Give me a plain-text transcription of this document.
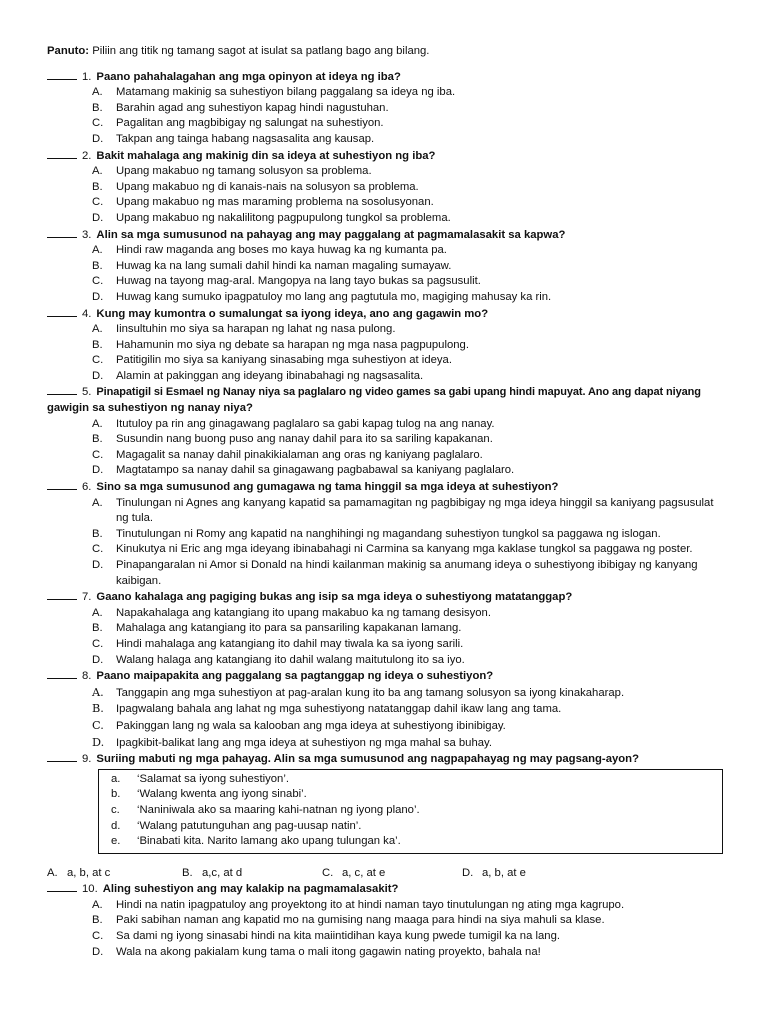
Panuto: Piliin ang titik ng tamang sagot at isulat sa patlang bago ang bilang.
1. Paano pahahalagahan ang mga opinyon at ideya ng iba?
A.	Matamang makinig sa suhestiyon bilang paggalang sa ideya ng iba.
B.	Barahin agad ang suhestiyon kapag hindi nagustuhan.
C.	Pagalitan ang magbibigay ng salungat na suhestiyon.
D.	Takpan ang tainga habang nagsasalita ang kausap.
2. Bakit mahalaga ang makinig din sa ideya at suhestiyon ng iba?
A.	Upang makabuo ng tamang solusyon sa problema.
B.	Upang makabuo ng di kanais-nais na solusyon sa problema.
C.	Upang makabuo ng mas maraming problema na sosolusyonan.
D.	Upang makabuo ng nakalilitong pagpupulong tungkol sa problema.
3. Alin sa mga sumusunod na pahayag ang may paggalang at pagmamalasakit sa kapwa?
A.	Hindi raw maganda ang boses mo kaya huwag ka ng kumanta pa.
B.	Huwag ka na lang sumali dahil hindi ka naman magaling sumayaw.
C.	Huwag na tayong mag-aral. Mangopya na lang tayo bukas sa pagsusulit.
D.	Huwag kang sumuko ipagpatuloy mo lang ang pagtutula mo, magiging mahusay ka rin.
4. Kung may kumontra o sumalungat sa iyong ideya, ano ang gagawin mo?
A.	Iinsultuhin mo siya sa harapan ng lahat ng nasa pulong.
B.	Hahamunin mo siya ng debate sa harapan ng mga nasa pagpupulong.
C.	Patitigilin mo siya sa kaniyang sinasabing mga suhestiyon at ideya.
D.	Alamin at pakinggan ang ideyang ibinabahagi ng nagsasalita.
5. Pinapatigil si Esmael ng Nanay niya sa paglalaro ng video games sa gabi upang hindi mapuyat. Ano ang dapat niyang
gawigin sa suhestiyon ng nanay niya?
A.	Itutuloy pa rin ang ginagawang paglalaro sa gabi kapag tulog na ang nanay.
B.	Susundin nang buong puso ang nanay dahil para ito sa sariling kapakanan.
C.	Magagalit sa nanay dahil pinakikialaman ang oras ng kaniyang paglalaro.
D.	Magtatampo sa nanay dahil sa ginagawang pagbabawal sa kaniyang paglalaro.
6. Sino sa mga sumusunod ang gumagawa ng tama hinggil sa mga ideya at suhestiyon?
A.	Tinulungan ni Agnes ang kanyang kapatid sa pamamagitan ng pagbibigay ng mga ideya hinggil sa kaniyang pagsusulat ng tula.
B.	Tinutulungan ni Romy ang kapatid na nanghihingi ng magandang suhestiyon tungkol sa paggawa ng islogan.
C.	Kinukutya ni Eric ang mga ideyang ibinabahagi ni Carmina sa kanyang mga kaklase tungkol sa paggawa ng poster.
D.	Pinapangaralan ni Amor si Donald na hindi kailanman makinig sa anumang ideya o suhestiyong ibibigay ng kanyang kaibigan.
7. Gaano kahalaga ang pagiging bukas ang isip sa mga ideya o suhestiyong matatanggap?
A.	Napakahalaga ang katangiang ito upang makabuo ka ng tamang desisyon.
B.	Mahalaga ang katangiang ito para sa pansariling kapakanan lamang.
C.	Hindi mahalaga ang katangiang ito dahil may tiwala ka sa iyong sarili.
D.	Walang halaga ang katangiang ito dahil walang maitutulong ito sa iyo.
8. Paano maipapakita ang paggalang sa pagtanggap ng ideya o suhestiyon?
A.	Tanggapin ang mga suhestiyon at pag-aralan kung ito ba ang tamang solusyon sa iyong kinakaharap.
B.	Ipagwalang bahala ang lahat ng mga suhestiyong natatanggap dahil ikaw lang ang tama.
C.	Pakinggan lang ng wala sa kalooban ang mga ideya at suhestiyong ibinibigay.
D.	Ipagkibit-balikat lang ang mga ideya at suhestiyon ng mga mahal sa buhay.
9. Suriing mabuti ng mga pahayag. Alin sa mga sumusunod ang nagpapahayag ng may pagsang-ayon?
a.	‘Salamat sa iyong suhestiyon’.
b.	‘Walang kwenta ang iyong sinabi’.
c.	‘Naniniwala ako sa maaring kahi-natnan ng iyong plano’.
d.	‘Walang patutunguhan ang pag-uusap natin’.
e.	‘Binabati kita. Narito lamang ako upang tulungan ka’.
A. a, b, at c	B. a,c, at d	C. a, c, at e	D. a, b, at e
10. Aling suhestiyon ang may kalakip na pagmamalasakit?
A.	Hindi na natin ipagpatuloy ang proyektong ito at hindi naman tayo tinutulungan ng ating mga kagrupo.
B.	Paki sabihan naman ang kapatid mo na gumising nang maaga para hindi na siya mahuli sa klase.
C.	Sa dami ng iyong sinasabi hindi na kita maiintidihan kaya kung pwede tumigil ka na lang.
D.	Wala na akong pakialam kung tama o mali itong gagawin nating proyekto, bahala na!
